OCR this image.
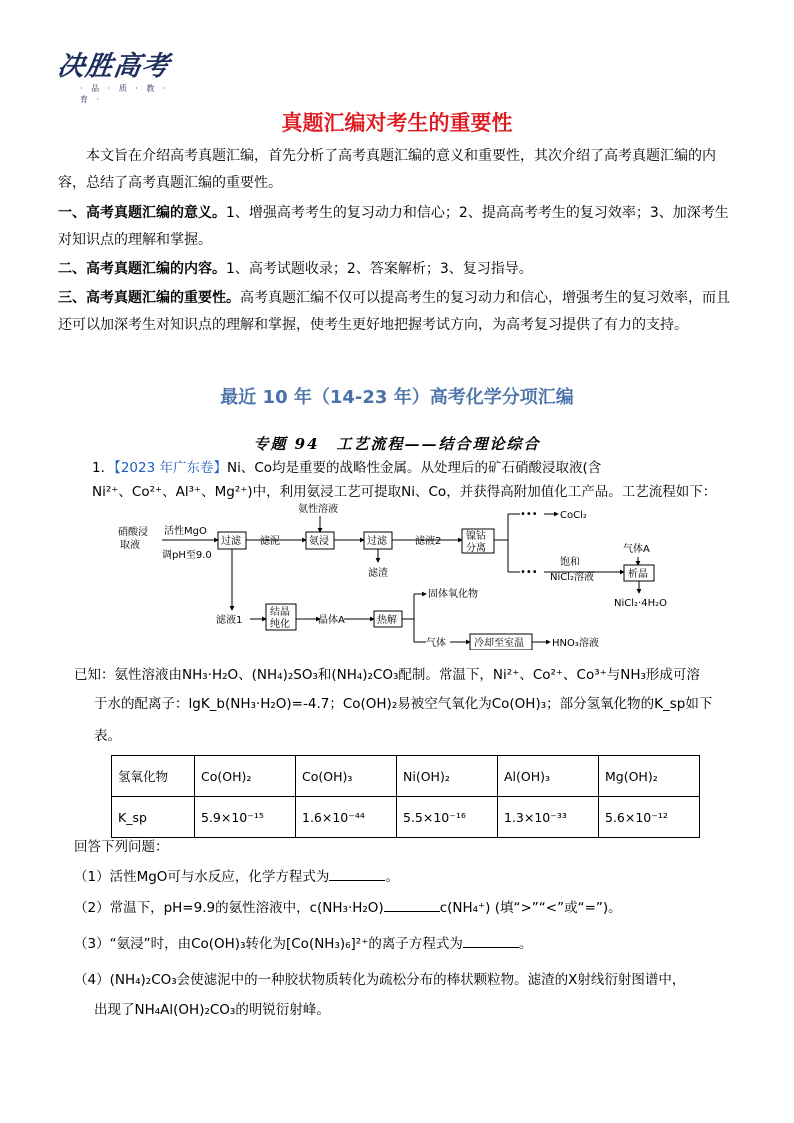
决胜高考
· 品 · 质 · 教 · 育 ·
真题汇编对考生的重要性
本文旨在介绍高考真题汇编，首先分析了高考真题汇编的意义和重要性，其次介绍了高考真题汇编的内容，总结了高考真题汇编的重要性。
一、高考真题汇编的意义。1、增强高考考生的复习动力和信心；2、提高高考考生的复习效率；3、加深考生对知识点的理解和掌握。
二、高考真题汇编的内容。1、高考试题收录；2、答案解析；3、复习指导。
三、高考真题汇编的重要性。高考真题汇编不仅可以提高考生的复习动力和信心，增强考生的复习效率，而且还可以加深考生对知识点的理解和掌握，使考生更好地把握考试方向，为高考复习提供了有力的支持。
最近 10 年（14-23 年）高考化学分项汇编
专题 94　工艺流程——结合理论综合
1．【2023 年广东卷】Ni、Co均是重要的战略性金属。从处理后的矿石硝酸浸取液(含
Ni²⁺、Co²⁺、Al³⁺、Mg²⁺)中，利用氨浸工艺可提取Ni、Co，并获得高附加值化工产品。工艺流程如下：
硝酸浸
取液
活性MgO
调pH至9.0
过滤 滤泥
氨性溶液
氨浸	过滤
滤渣
滤液2 镍钴
分离
••• CoCl₂
•••
饱和
NiCl₂溶液
气体A
析晶
NiCl₂·4H₂O
滤液1
结晶
纯化	晶体A	热解
固体氧化物
气体	冷却至室温	HNO₃溶液
已知：氨性溶液由NH₃·H₂O、(NH₄)₂SO₃和(NH₄)₂CO₃配制。常温下，Ni²⁺、Co²⁺、Co³⁺与NH₃形成可溶
于水的配离子：lgK_b(NH₃·H₂O)=-4.7；Co(OH)₂易被空气氧化为Co(OH)₃；部分氢氧化物的K_sp如下
表。
氢氧化物	Co(OH)₂	Co(OH)₃	Ni(OH)₂	Al(OH)₃	Mg(OH)₂
K_sp	5.9×10⁻¹⁵	1.6×10⁻⁴⁴	5.5×10⁻¹⁶	1.3×10⁻³³	5.6×10⁻¹²
回答下列问题：
（1）活性MgO可与水反应，化学方程式为	。
（2）常温下，pH=9.9的氨性溶液中，c(NH₃·H₂O)	c(NH₄⁺) (填“>”“<”或“=”)。
（3）“氨浸”时，由Co(OH)₃转化为[Co(NH₃)₆]²⁺的离子方程式为	。
（4）(NH₄)₂CO₃会使滤泥中的一种胶状物质转化为疏松分布的棒状颗粒物。滤渣的X射线衍射图谱中，
出现了NH₄Al(OH)₂CO₃的明锐衍射峰。
